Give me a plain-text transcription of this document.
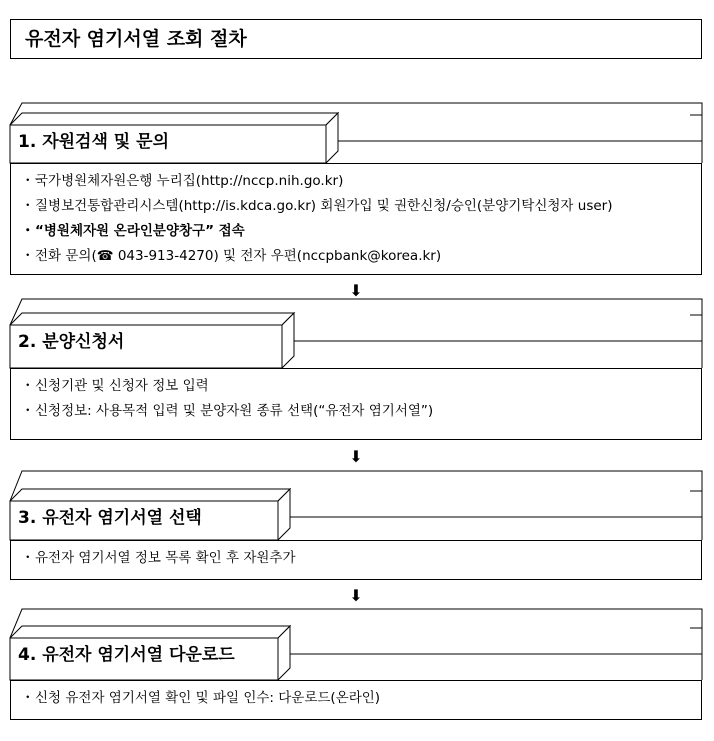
유전자 염기서열 조회 절차
1. 자원검색 및 문의
・국가병원체자원은행 누리집(http://nccp.nih.go.kr)
・질병보건통합관리시스템(http://is.kdca.go.kr) 회원가입 및 권한신청/승인(분양기탁신청자 user)
・“병원체자원 온라인분양창구” 접속
・전화 문의(☎ 043-913-4270) 및 전자 우편(nccpbank@korea.kr)
2. 분양신청서
・신청기관 및 신청자 정보 입력
・신청정보: 사용목적 입력 및 분양자원 종류 선택(“유전자 염기서열”)
3. 유전자 염기서열 선택
・유전자 염기서열 정보 목록 확인 후 자원추가
4. 유전자 염기서열 다운로드
・신청 유전자 염기서열 확인 및 파일 인수: 다운로드(온라인)
⬇
⬇
⬇
